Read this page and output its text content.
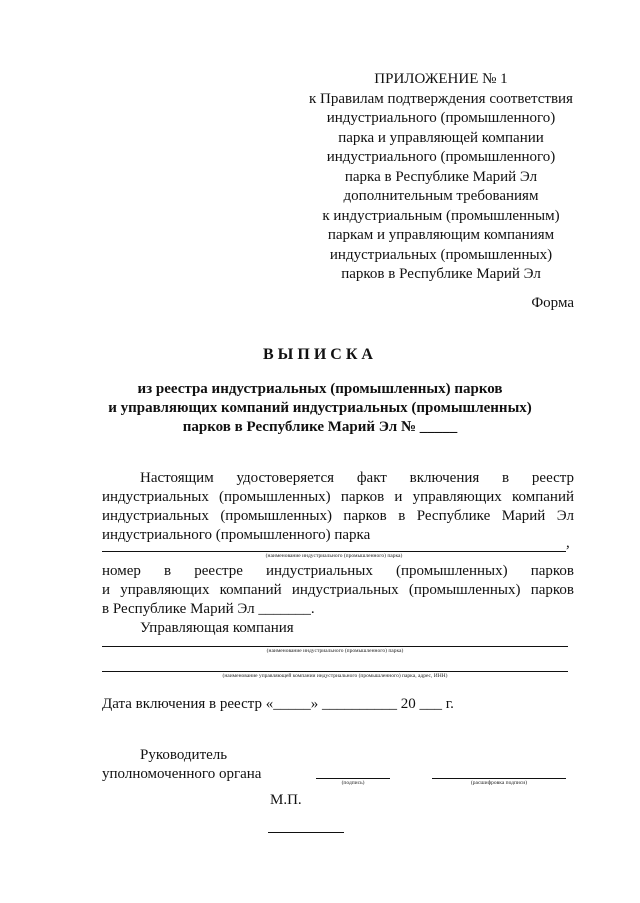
ПРИЛОЖЕНИЕ № 1
к Правилам подтверждения соответствия
индустриального (промышленного)
парка и управляющей компании
индустриального (промышленного)
парка в Республике Марий Эл
дополнительным требованиям
к индустриальным (промышленным)
паркам и управляющим компаниям
индустриальных (промышленных)
парков в Республике Марий Эл
Форма
ВЫПИСКА
из реестра индустриальных (промышленных) парков
и управляющих компаний индустриальных (промышленных)
парков в Республике Марий Эл № _____
Настоящим удостоверяется факт включения в реестр
индустриальных (промышленных) парков и управляющих компаний
индустриальных (промышленных) парков в Республике Марий Эл
индустриального (промышленного) парка	,
(наименование индустриального (промышленного) парка)
номер в реестре индустриальных (промышленных) парков
и управляющих компаний индустриальных (промышленных) парков
в Республике Марий Эл _______.
Управляющая компания
(наименование индустриального (промышленного) парка)
(наименование управляющей компании индустриального (промышленного) парка, адрес, ИНН)
Дата включения в реестр «_____» __________ 20 ___ г.
Руководитель
уполномоченного органа
(подпись)	(расшифровка подписи)
М.П.
